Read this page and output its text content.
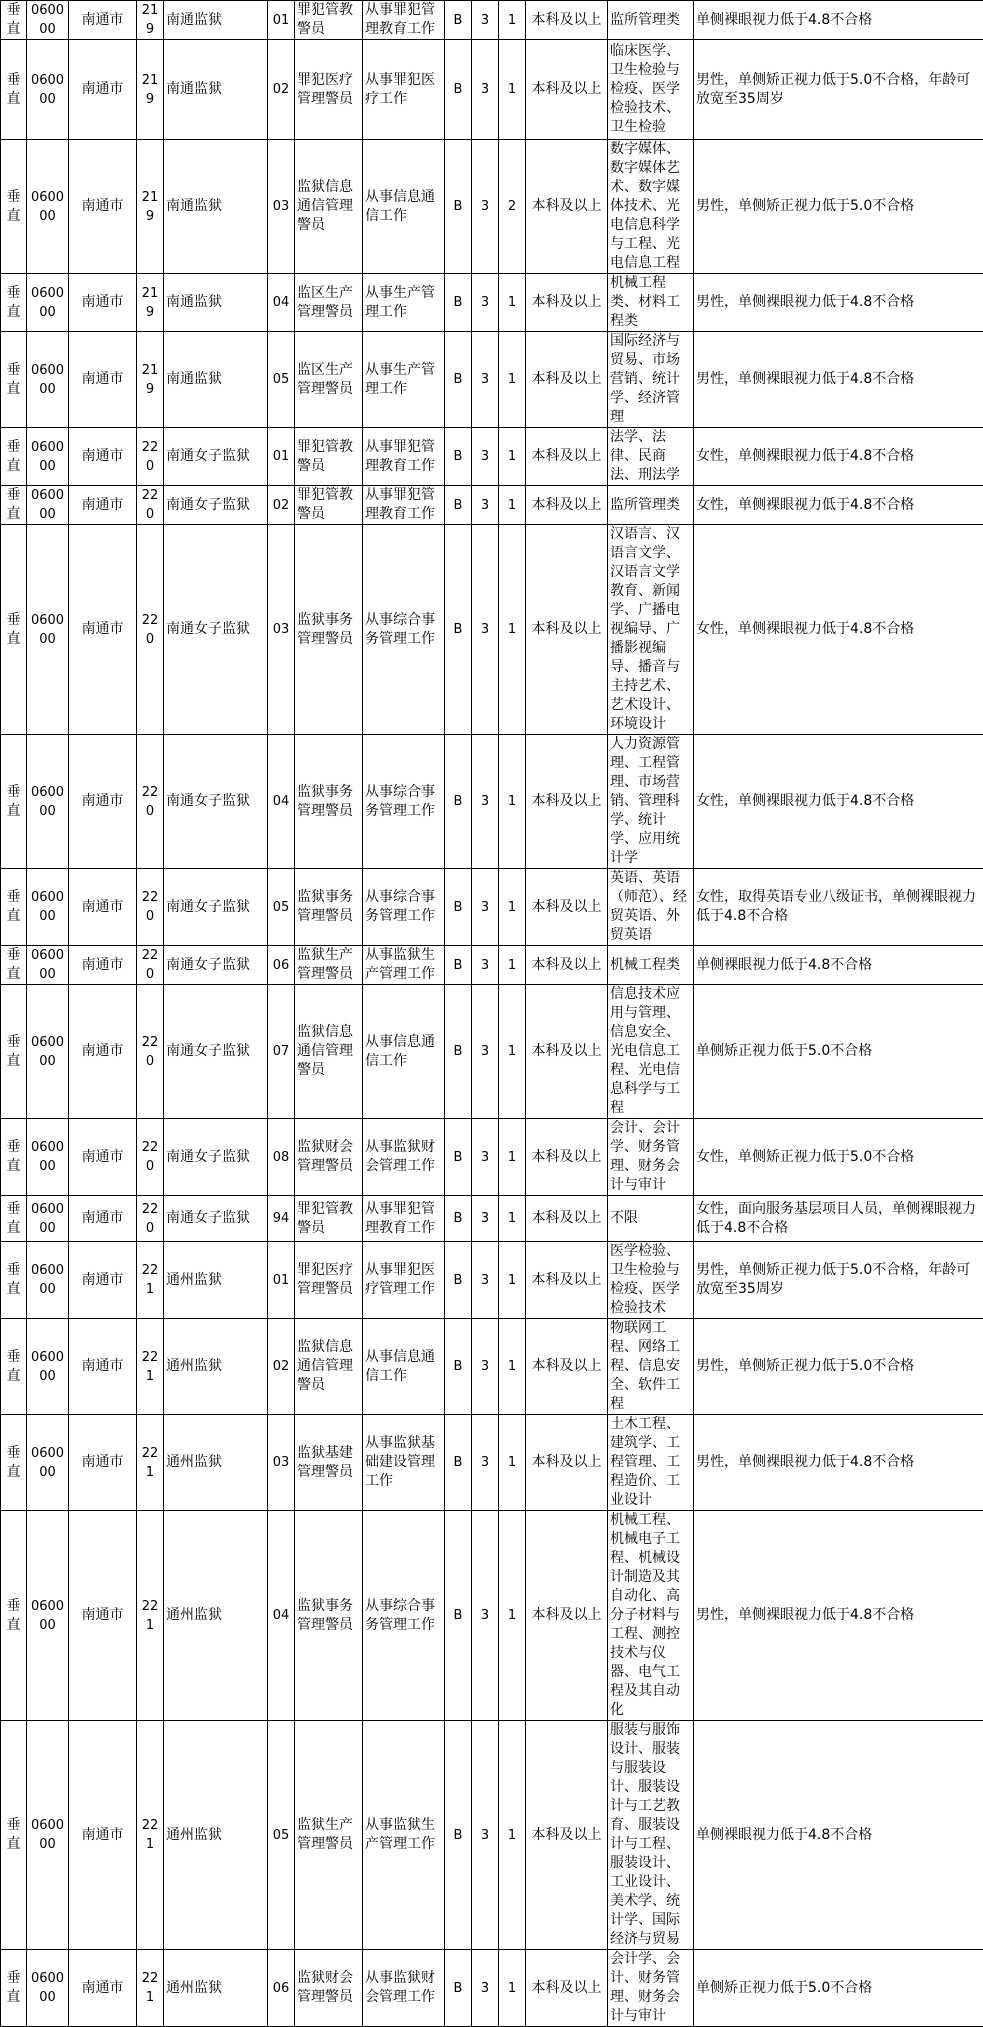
垂直	060000	南通市	219	南通监狱	01	罪犯管教警员	从事罪犯管理教育工作	B	3	1	本科及以上	监所管理类	单侧裸眼视力低于4.8不合格
垂直	060000	南通市	219	南通监狱	02	罪犯医疗管理警员	从事罪犯医疗工作	B	3	1	本科及以上	临床医学、卫生检验与检疫、医学检验技术、卫生检验	男性，单侧矫正视力低于5.0不合格，年龄可放宽至35周岁
垂直	060000	南通市	219	南通监狱	03	监狱信息通信管理警员	从事信息通信工作	B	3	2	本科及以上	数字媒体、数字媒体艺术、数字媒体技术、光电信息科学与工程、光电信息工程	男性，单侧矫正视力低于5.0不合格
垂直	060000	南通市	219	南通监狱	04	监区生产管理警员	从事生产管理工作	B	3	1	本科及以上	机械工程类、材料工程类	男性，单侧裸眼视力低于4.8不合格
垂直	060000	南通市	219	南通监狱	05	监区生产管理警员	从事生产管理工作	B	3	1	本科及以上	国际经济与贸易、市场营销、统计学、经济管理	男性，单侧裸眼视力低于4.8不合格
垂直	060000	南通市	220	南通女子监狱	01	罪犯管教警员	从事罪犯管理教育工作	B	3	1	本科及以上	法学、法律、民商法、刑法学	女性，单侧裸眼视力低于4.8不合格
垂直	060000	南通市	220	南通女子监狱	02	罪犯管教警员	从事罪犯管理教育工作	B	3	1	本科及以上	监所管理类	女性，单侧裸眼视力低于4.8不合格
垂直	060000	南通市	220	南通女子监狱	03	监狱事务管理警员	从事综合事务管理工作	B	3	1	本科及以上	汉语言、汉语言文学、汉语言文学教育、新闻学、广播电视编导、广播影视编导、播音与主持艺术、艺术设计、环境设计	女性，单侧裸眼视力低于4.8不合格
垂直	060000	南通市	220	南通女子监狱	04	监狱事务管理警员	从事综合事务管理工作	B	3	1	本科及以上	人力资源管理、工程管理、市场营销、管理科学、统计学、应用统计学	女性，单侧裸眼视力低于4.8不合格
垂直	060000	南通市	220	南通女子监狱	05	监狱事务管理警员	从事综合事务管理工作	B	3	1	本科及以上	英语、英语（师范）、经贸英语、外贸英语	女性，取得英语专业八级证书，单侧裸眼视力低于4.8不合格
垂直	060000	南通市	220	南通女子监狱	06	监狱生产管理警员	从事监狱生产管理工作	B	3	1	本科及以上	机械工程类	单侧裸眼视力低于4.8不合格
垂直	060000	南通市	220	南通女子监狱	07	监狱信息通信管理警员	从事信息通信工作	B	3	1	本科及以上	信息技术应用与管理、信息安全、光电信息工程、光电信息科学与工程	单侧矫正视力低于5.0不合格
垂直	060000	南通市	220	南通女子监狱	08	监狱财会管理警员	从事监狱财会管理工作	B	3	1	本科及以上	会计、会计学、财务管理、财务会计与审计	女性，单侧矫正视力低于5.0不合格
垂直	060000	南通市	220	南通女子监狱	94	罪犯管教警员	从事罪犯管理教育工作	B	3	1	本科及以上	不限	女性，面向服务基层项目人员，单侧裸眼视力低于4.8不合格
垂直	060000	南通市	221	通州监狱	01	罪犯医疗管理警员	从事罪犯医疗管理工作	B	3	1	本科及以上	医学检验、卫生检验与检疫、医学检验技术	男性，单侧矫正视力低于5.0不合格，年龄可放宽至35周岁
垂直	060000	南通市	221	通州监狱	02	监狱信息通信管理警员	从事信息通信工作	B	3	1	本科及以上	物联网工程、网络工程、信息安全、软件工程	男性，单侧矫正视力低于5.0不合格
垂直	060000	南通市	221	通州监狱	03	监狱基建管理警员	从事监狱基础建设管理工作	B	3	1	本科及以上	土木工程、建筑学、工程管理、工程造价、工业设计	男性，单侧裸眼视力低于4.8不合格
垂直	060000	南通市	221	通州监狱	04	监狱事务管理警员	从事综合事务管理工作	B	3	1	本科及以上	机械工程、机械电子工程、机械设计制造及其自动化、高分子材料与工程、测控技术与仪器、电气工程及其自动化	男性，单侧裸眼视力低于4.8不合格
垂直	060000	南通市	221	通州监狱	05	监狱生产管理警员	从事监狱生产管理工作	B	3	1	本科及以上	服装与服饰设计、服装与服装设计、服装设计与工艺教育、服装设计与工程、服装设计、工业设计、美术学、统计学、国际经济与贸易	单侧裸眼视力低于4.8不合格
垂直	060000	南通市	221	通州监狱	06	监狱财会管理警员	从事监狱财会管理工作	B	3	1	本科及以上	会计学、会计、财务管理、财务会计与审计	单侧矫正视力低于5.0不合格
